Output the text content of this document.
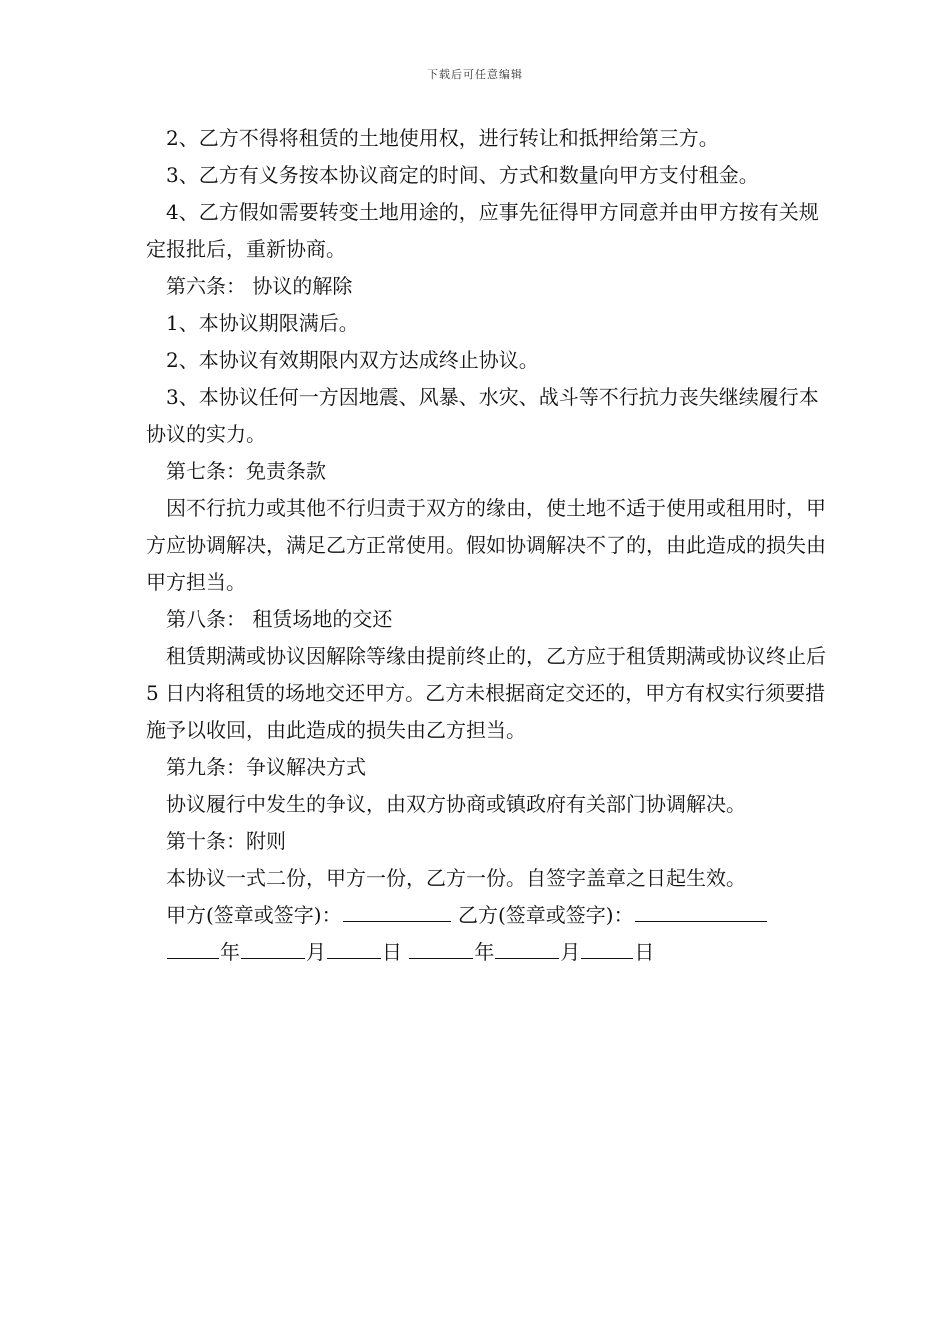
下载后可任意编辑

2、乙方不得将租赁的土地使用权，进行转让和抵押给第三方。

3、乙方有义务按本协议商定的时间、方式和数量向甲方支付租金。

4、乙方假如需要转变土地用途的，应事先征得甲方同意并由甲方按有关规定报批后，重新协商。

第六条： 协议的解除

1、本协议期限满后。

2、本协议有效期限内双方达成终止协议。

3、本协议任何一方因地震、风暴、水灾、战斗等不行抗力丧失继续履行本协议的实力。

第七条：免责条款

因不行抗力或其他不行归责于双方的缘由，使土地不适于使用或租用时，甲方应协调解决，满足乙方正常使用。假如协调解决不了的，由此造成的损失由甲方担当。

第八条： 租赁场地的交还

租赁期满或协议因解除等缘由提前终止的，乙方应于租赁期满或协议终止后 5 日内将租赁的场地交还甲方。乙方未根据商定交还的，甲方有权实行须要措施予以收回，由此造成的损失由乙方担当。

第九条：争议解决方式

协议履行中发生的争议，由双方协商或镇政府有关部门协调解决。

第十条：附则

本协议一式二份，甲方一份，乙方一份。自签字盖章之日起生效。

甲方(签章或签字)：	乙方(签章或签字)：

年	月	日	年	月	日
